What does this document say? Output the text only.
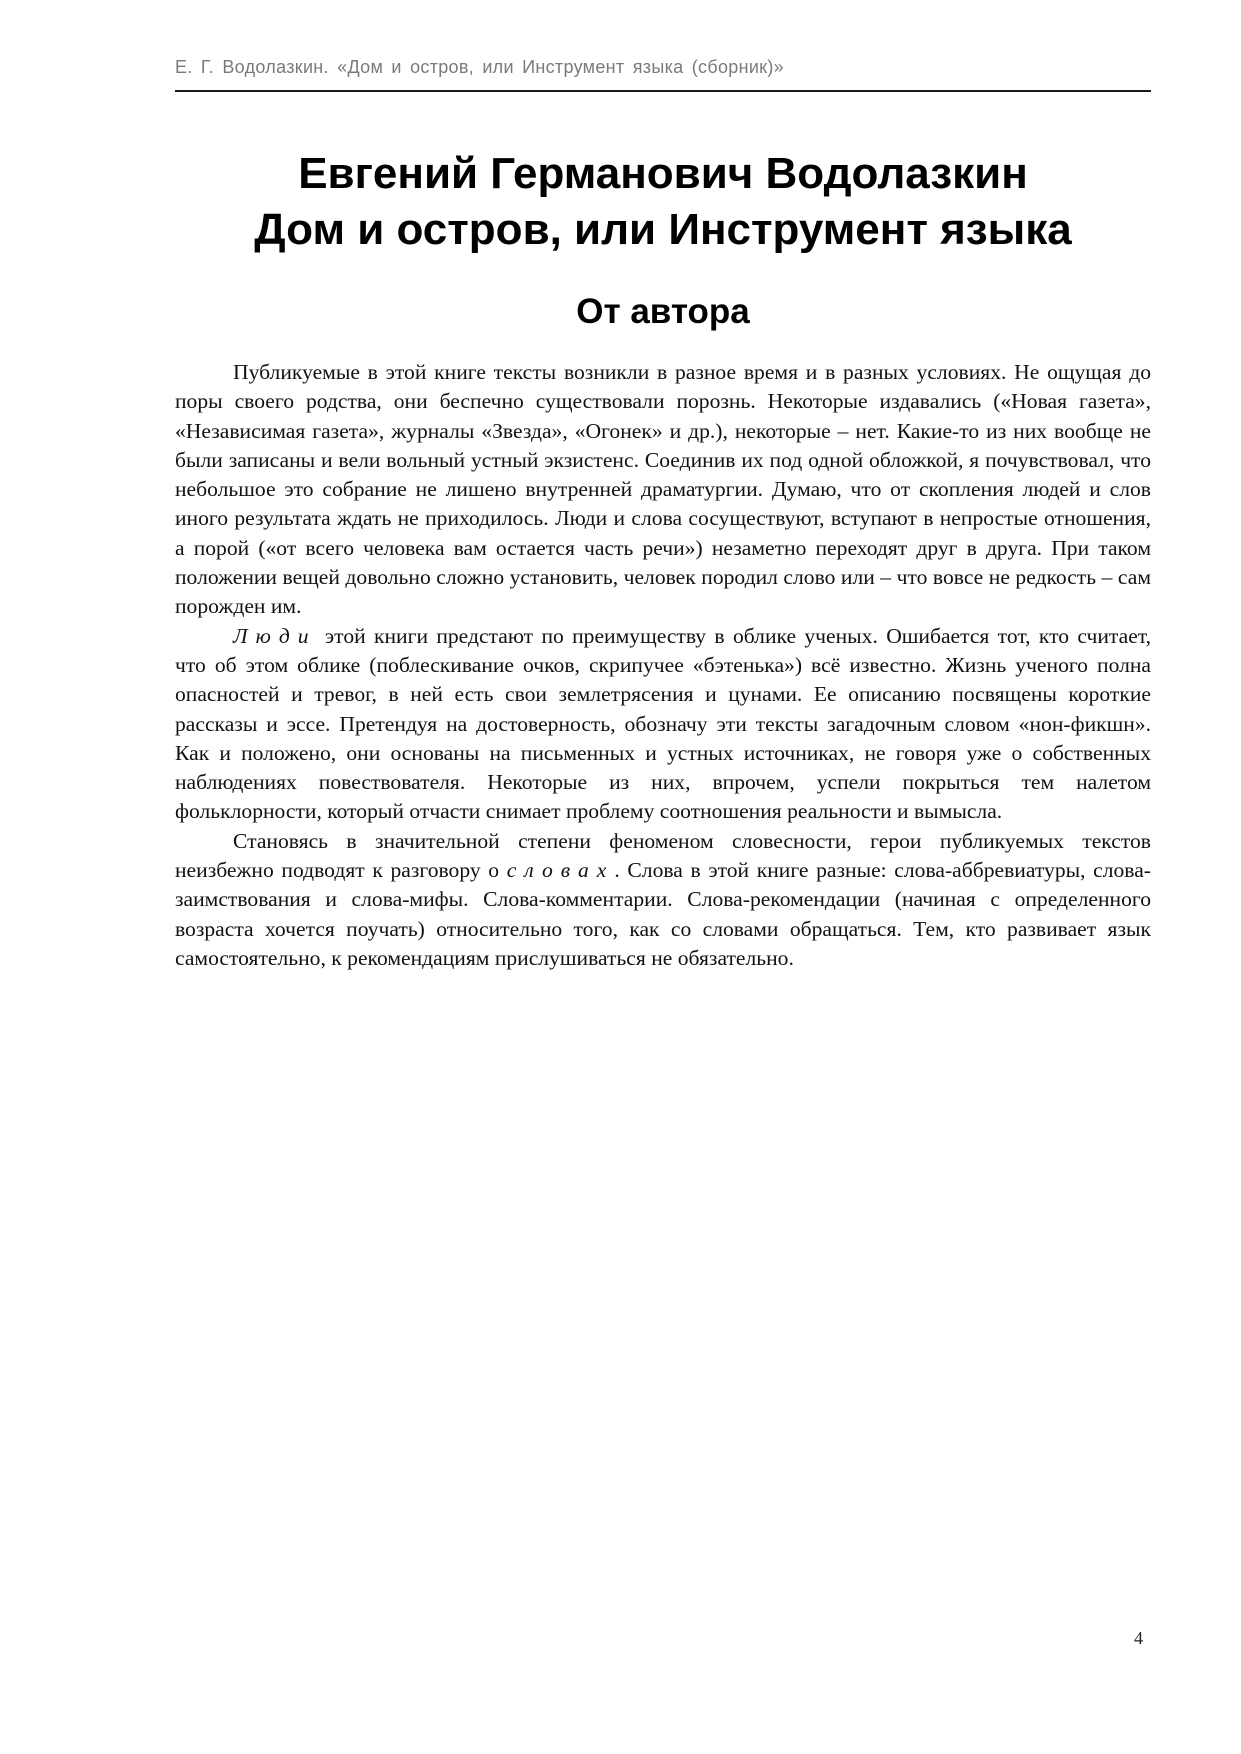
Е. Г. Водолазкин. «Дом и остров, или Инструмент языка (сборник)»
Евгений Германович Водолазкин
Дом и остров, или Инструмент языка
От автора

Публикуемые в этой книге тексты возникли в разное время и в разных условиях. Не ощущая до поры своего родства, они беспечно существовали порознь. Некоторые издавались («Новая газета», «Независимая газета», журналы «Звезда», «Огонек» и др.), некоторые – нет. Какие-то из них вообще не были записаны и вели вольный устный экзистенс. Соединив их под одной обложкой, я почувствовал, что небольшое это собрание не лишено внутренней драматургии. Думаю, что от скопления людей и слов иного результата ждать не приходилось. Люди и слова сосуществуют, вступают в непростые отношения, а порой («от всего человека вам остается часть речи») незаметно переходят друг в друга. При таком положении вещей довольно сложно установить, человек породил слово или – что вовсе не редкость – сам порожден им.

Люди этой книги предстают по преимуществу в облике ученых. Ошибается тот, кто считает, что об этом облике (поблескивание очков, скрипучее «бэтенька») всё известно. Жизнь ученого полна опасностей и тревог, в ней есть свои землетрясения и цунами. Ее описанию посвящены короткие рассказы и эссе. Претендуя на достоверность, обозначу эти тексты загадочным словом «нон-фикшн». Как и положено, они основаны на письменных и устных источниках, не говоря уже о собственных наблюдениях повествователя. Некоторые из них, впрочем, успели покрыться тем налетом фольклорности, который отчасти снимает проблему соотношения реальности и вымысла.

Становясь в значительной степени феноменом словесности, герои публикуемых текстов неизбежно подводят к разговору о словах. Слова в этой книге разные: слова-аббревиатуры, слова-заимствования и слова-мифы. Слова-комментарии. Слова-рекомендации (начиная с определенного возраста хочется поучать) относительно того, как со словами обращаться. Тем, кто развивает язык самостоятельно, к рекомендациям прислушиваться не обязательно.

4
